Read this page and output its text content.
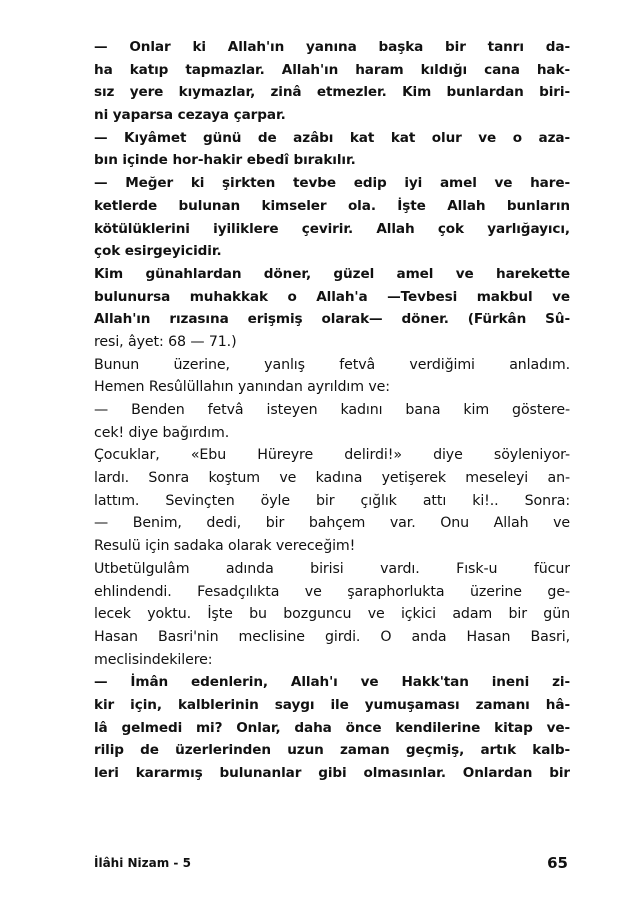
— Onlar ki Allah'ın yanına başka bir tanrı da-
ha katıp tapmazlar. Allah'ın haram kıldığı cana hak-
sız yere kıymazlar, zinâ etmezler. Kim bunlardan biri-
ni yaparsa cezaya çarpar.
— Kıyâmet günü de azâbı kat kat olur ve o aza-
bın içinde hor-hakir ebedî bırakılır.
— Meğer ki şirkten tevbe edip iyi amel ve hare-
ketlerde bulunan kimseler ola. İşte Allah bunların
kötülüklerini iyiliklere çevirir. Allah çok yarlığayıcı,
çok esirgeyicidir.
Kim günahlardan döner, güzel amel ve harekette
bulunursa muhakkak o Allah'a —Tevbesi makbul ve
Allah'ın rızasına erişmiş olarak— döner. (Fürkân Sû-
resi, âyet: 68 — 71.)
Bunun üzerine, yanlış fetvâ verdiğimi anladım.
Hemen Resûlüllahın yanından ayrıldım ve:
— Benden fetvâ isteyen kadını bana kim göstere-
cek! diye bağırdım.
Çocuklar, «Ebu Hüreyre delirdi!» diye söyleniyor-
lardı. Sonra koştum ve kadına yetişerek meseleyi an-
lattım. Sevinçten öyle bir çığlık attı ki!.. Sonra:
— Benim, dedi, bir bahçem var. Onu Allah ve
Resulü için sadaka olarak vereceğim!
Utbetülgulâm adında birisi vardı. Fısk-u fücur
ehlindendi. Fesadçılıkta ve şaraphorlukta üzerine ge-
lecek yoktu. İşte bu bozguncu ve içkici adam bir gün
Hasan Basri'nin meclisine girdi. O anda Hasan Basri,
meclisindekilere:
— İmân edenlerin, Allah'ı ve Hakk'tan ineni zi-
kir için, kalblerinin saygı ile yumuşaması zamanı hâ-
lâ gelmedi mi? Onlar, daha önce kendilerine kitap ve-
rilip de üzerlerinden uzun zaman geçmiş, artık kalb-
leri kararmış bulunanlar gibi olmasınlar. Onlardan bir
İlâhi Nizam - 5	65
